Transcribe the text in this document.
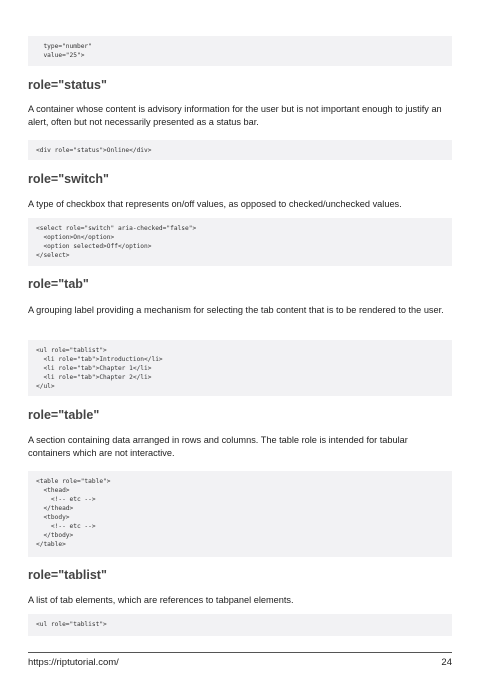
type="number"
value="25">
role="status"

A container whose content is advisory information for the user but is not important enough to justify an alert, often but not necessarily presented as a status bar.

<div role="status">Online</div>
role="switch"

A type of checkbox that represents on/off values, as opposed to checked/unchecked values.

<select role="switch" aria-checked="false">
<option>On</option>
<option selected>Off</option>
</select>
role="tab"

A grouping label providing a mechanism for selecting the tab content that is to be rendered to the user.

<ul role="tablist">
<li role="tab">Introduction</li>
<li role="tab">Chapter 1</li>
<li role="tab">Chapter 2</li>
</ul>
role="table"

A section containing data arranged in rows and columns. The table role is intended for tabular containers which are not interactive.

<table role="table">
<thead>
<!-- etc -->
</thead>
<tbody>
<!-- etc -->
</tbody>
</table>
role="tablist"

A list of tab elements, which are references to tabpanel elements.

<ul role="tablist">
https://riptutorial.com/	24
